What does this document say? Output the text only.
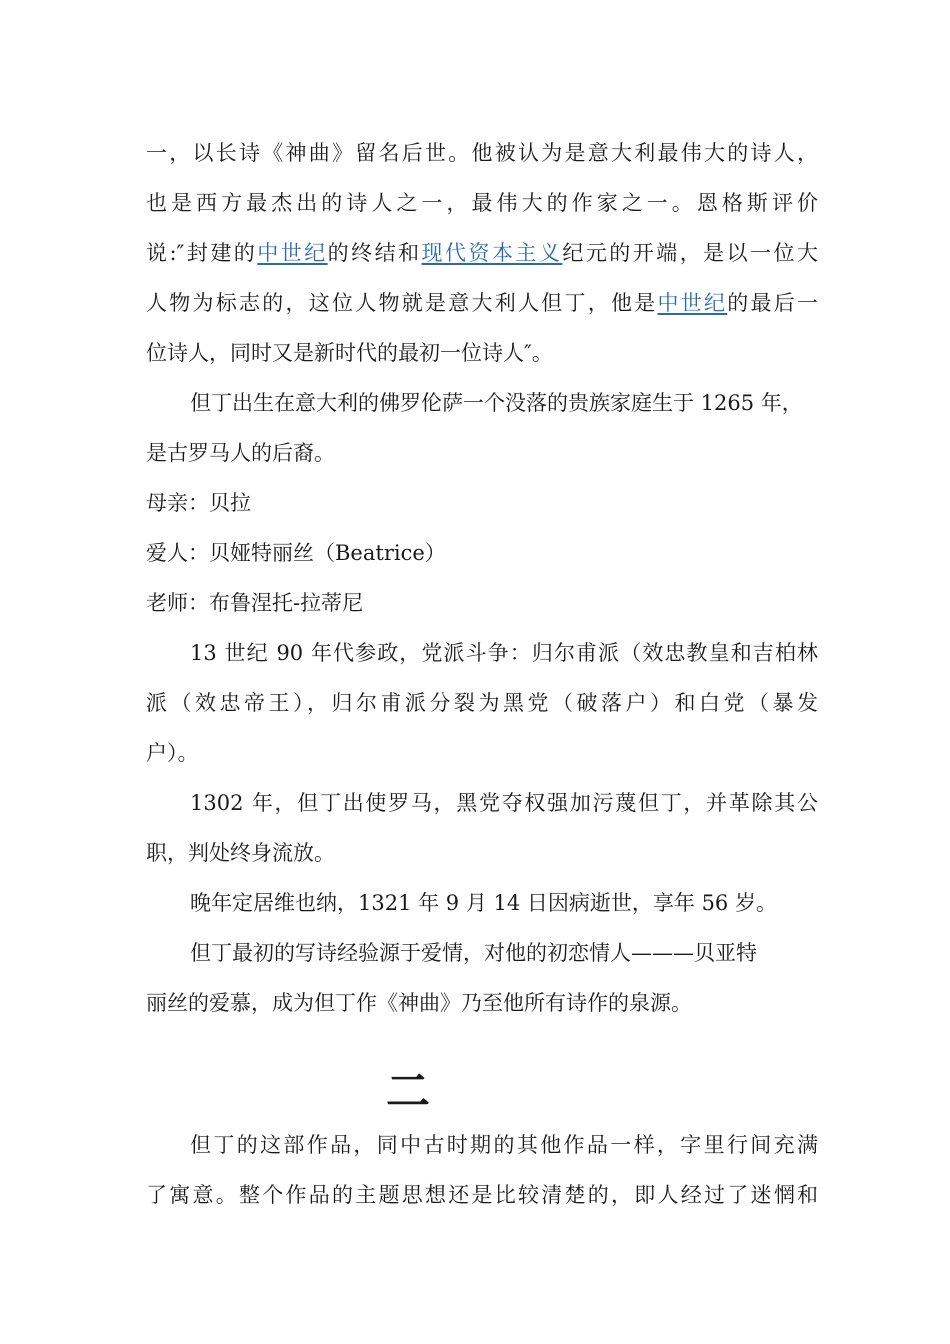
一，以长诗《神曲》留名后世。他被认为是意大利最伟大的诗人，
也是西方最杰出的诗人之一，最伟大的作家之一。恩格斯评价
说:″封建的中世纪的终结和现代资本主义纪元的开端，是以一位大
人物为标志的，这位人物就是意大利人但丁，他是中世纪的最后一
位诗人，同时又是新时代的最初一位诗人″。
但丁出生在意大利的佛罗伦萨一个没落的贵族家庭生于 1265 年，
是古罗马人的后裔。
母亲：贝拉
爱人：贝娅特丽丝（Beatrice）
老师：布鲁涅托-拉蒂尼
13 世纪 90 年代参政，党派斗争：归尔甫派（效忠教皇和吉柏林
派（效忠帝王），归尔甫派分裂为黑党（破落户）和白党（暴发
户）。
1302 年，但丁出使罗马，黑党夺权强加污蔑但丁，并革除其公
职，判处终身流放。
晚年定居维也纳，1321 年 9 月 14 日因病逝世，享年 56 岁。
但丁最初的写诗经验源于爱情，对他的初恋情人———贝亚特
丽丝的爱慕，成为但丁作《神曲》乃至他所有诗作的泉源。
二
但丁的这部作品，同中古时期的其他作品一样，字里行间充满
了寓意。整个作品的主题思想还是比较清楚的，即人经过了迷惘和
